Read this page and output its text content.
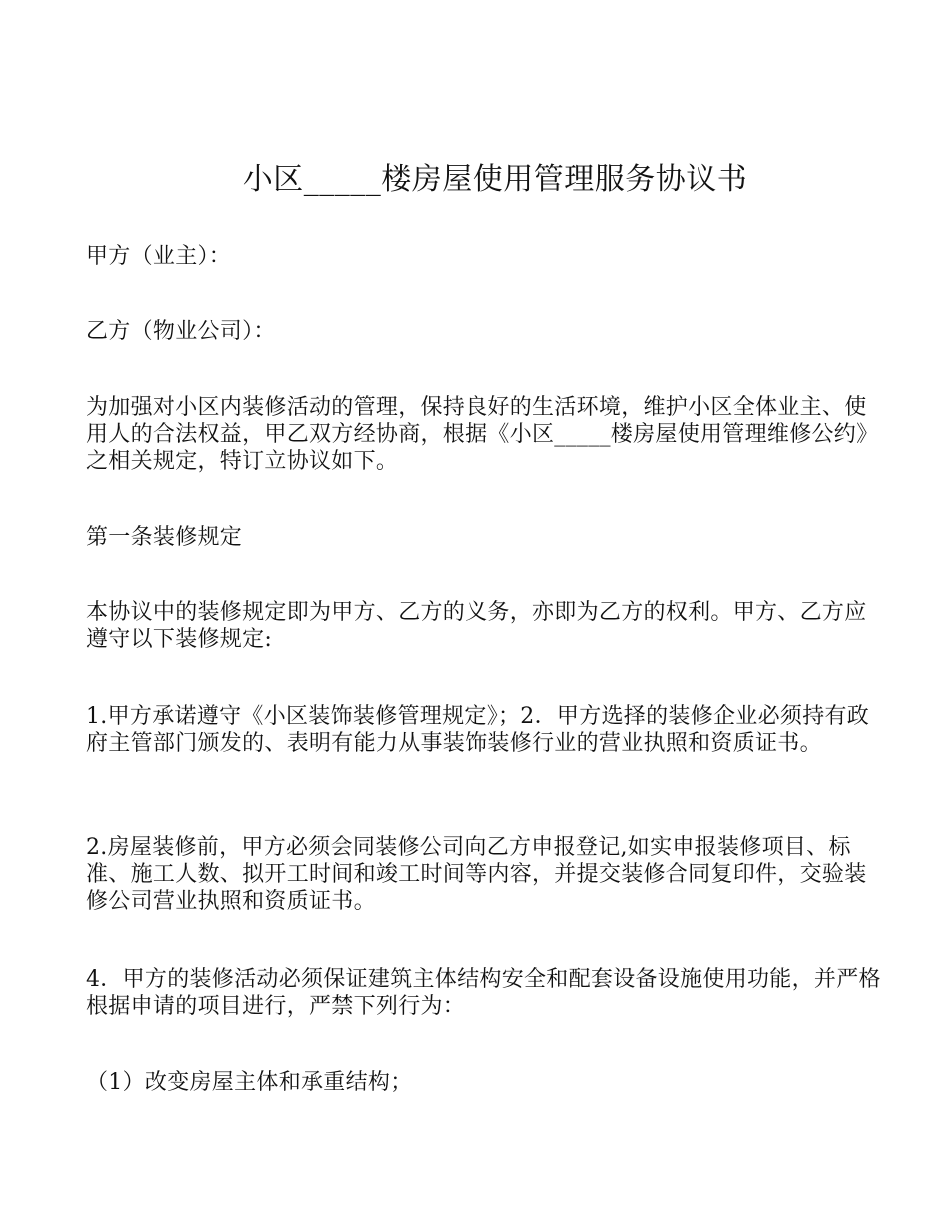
小区_____楼房屋使用管理服务协议书
甲方（业主）：
乙方（物业公司）：
为加强对小区内装修活动的管理，保持良好的生活环境，维护小区全体业主、使用人的合法权益，甲乙双方经协商，根据《小区_____楼房屋使用管理维修公约》之相关规定，特订立协议如下。
第一条装修规定
本协议中的装修规定即为甲方、乙方的义务，亦即为乙方的权利。甲方、乙方应遵守以下装修规定:
1.甲方承诺遵守《小区装饰装修管理规定》；2．甲方选择的装修企业必须持有政府主管部门颁发的、表明有能力从事装饰装修行业的营业执照和资质证书。
2.房屋装修前，甲方必须会同装修公司向乙方申报登记,如实申报装修项目、标准、施工人数、拟开工时间和竣工时间等内容，并提交装修合同复印件，交验装修公司营业执照和资质证书。
4．甲方的装修活动必须保证建筑主体结构安全和配套设备设施使用功能，并严格根据申请的项目进行，严禁下列行为：
（1）改变房屋主体和承重结构；
